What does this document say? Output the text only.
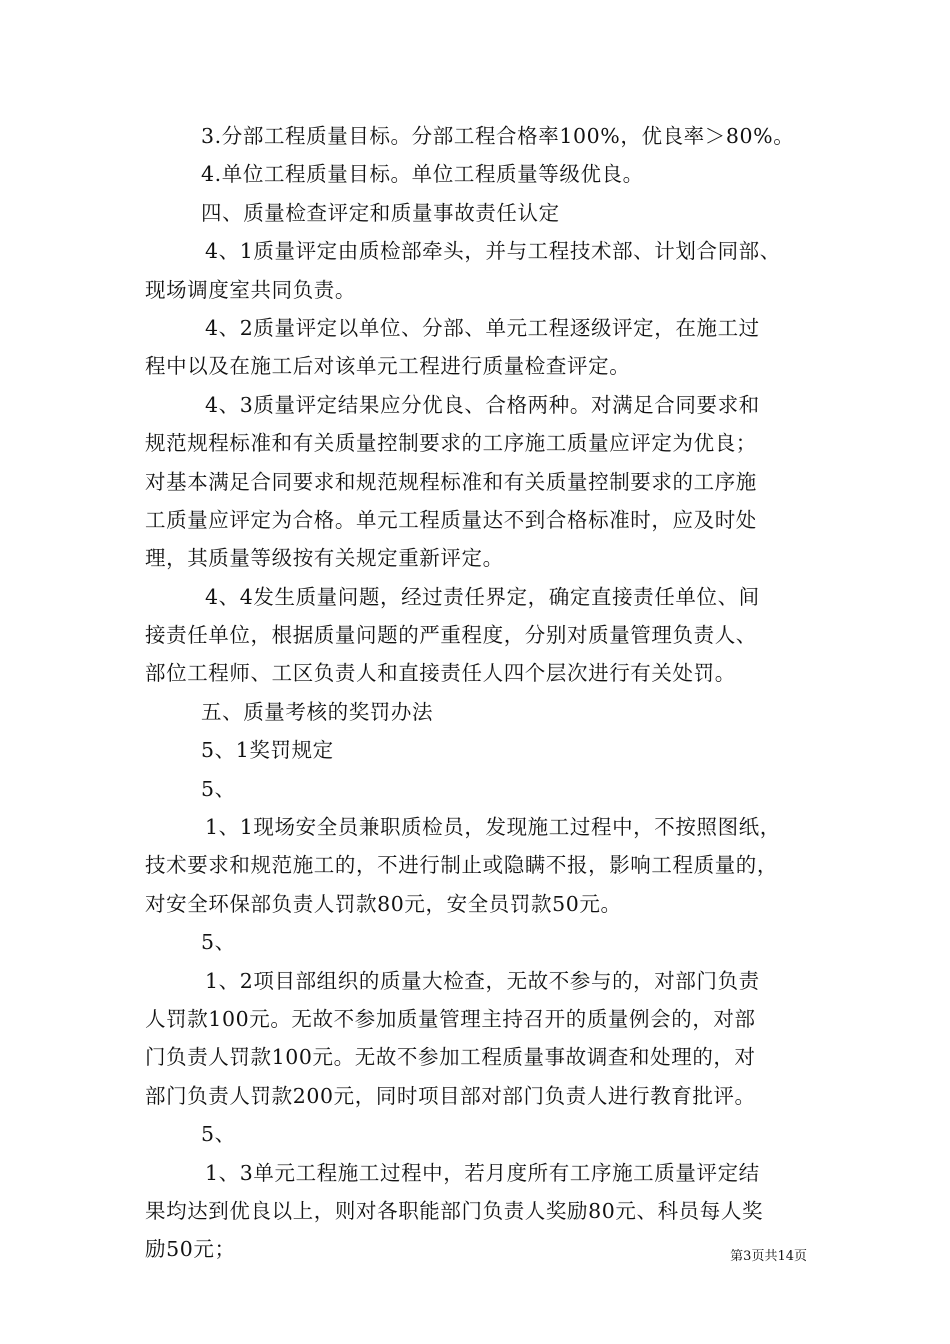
3.分部工程质量目标。分部工程合格率100%，优良率＞80%。
4.单位工程质量目标。单位工程质量等级优良。
四、质量检查评定和质量事故责任认定
4、1质量评定由质检部牵头，并与工程技术部、计划合同部、
现场调度室共同负责。
4、2质量评定以单位、分部、单元工程逐级评定，在施工过
程中以及在施工后对该单元工程进行质量检查评定。
4、3质量评定结果应分优良、合格两种。对满足合同要求和
规范规程标准和有关质量控制要求的工序施工质量应评定为优良；
对基本满足合同要求和规范规程标准和有关质量控制要求的工序施
工质量应评定为合格。单元工程质量达不到合格标准时，应及时处
理，其质量等级按有关规定重新评定。
4、4发生质量问题，经过责任界定，确定直接责任单位、间
接责任单位，根据质量问题的严重程度，分别对质量管理负责人、
部位工程师、工区负责人和直接责任人四个层次进行有关处罚。
五、质量考核的奖罚办法
5、1奖罚规定
5、
1、1现场安全员兼职质检员，发现施工过程中，不按照图纸，
技术要求和规范施工的，不进行制止或隐瞒不报，影响工程质量的，
对安全环保部负责人罚款80元，安全员罚款50元。
5、
1、2项目部组织的质量大检查，无故不参与的，对部门负责
人罚款100元。无故不参加质量管理主持召开的质量例会的，对部
门负责人罚款100元。无故不参加工程质量事故调查和处理的，对
部门负责人罚款200元，同时项目部对部门负责人进行教育批评。
5、
1、3单元工程施工过程中，若月度所有工序施工质量评定结
果均达到优良以上，则对各职能部门负责人奖励80元、科员每人奖
励50元；	第3页共14页
